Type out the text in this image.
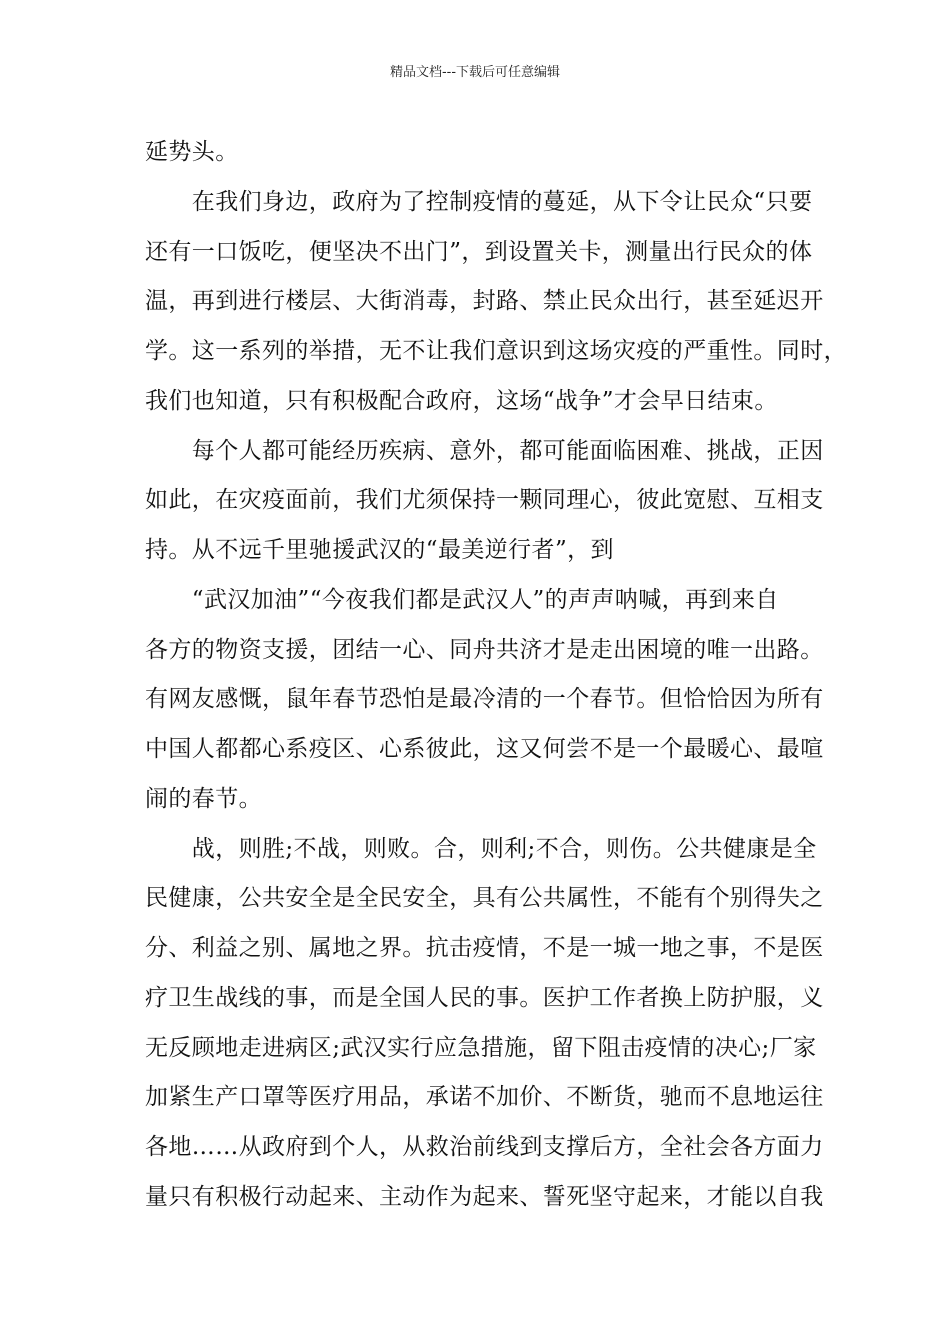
精品文档---下载后可任意编辑
延势头。
　　在我们身边，政府为了控制疫情的蔓延，从下令让民众“只要
还有一口饭吃，便坚决不出门”，到设置关卡，测量出行民众的体
温，再到进行楼层、大街消毒，封路、禁止民众出行，甚至延迟开
学。这一系列的举措，无不让我们意识到这场灾疫的严重性。同时，
我们也知道，只有积极配合政府，这场“战争”才会早日结束。
　　每个人都可能经历疾病、意外，都可能面临困难、挑战，正因
如此，在灾疫面前，我们尤须保持一颗同理心，彼此宽慰、互相支
持。从不远千里驰援武汉的“最美逆行者”，到
　　“武汉加油”“今夜我们都是武汉人”的声声呐喊，再到来自
各方的物资支援，团结一心、同舟共济才是走出困境的唯一出路。
有网友感慨，鼠年春节恐怕是最冷清的一个春节。但恰恰因为所有
中国人都都心系疫区、心系彼此，这又何尝不是一个最暖心、最喧
闹的春节。
　　战，则胜;不战，则败。合，则利;不合，则伤。公共健康是全
民健康，公共安全是全民安全，具有公共属性，不能有个别得失之
分、利益之别、属地之界。抗击疫情，不是一城一地之事，不是医
疗卫生战线的事，而是全国人民的事。医护工作者换上防护服，义
无反顾地走进病区;武汉实行应急措施，留下阻击疫情的决心;厂家
加紧生产口罩等医疗用品，承诺不加价、不断货，驰而不息地运往
各地……从政府到个人，从救治前线到支撑后方，全社会各方面力
量只有积极行动起来、主动作为起来、誓死坚守起来，才能以自我
